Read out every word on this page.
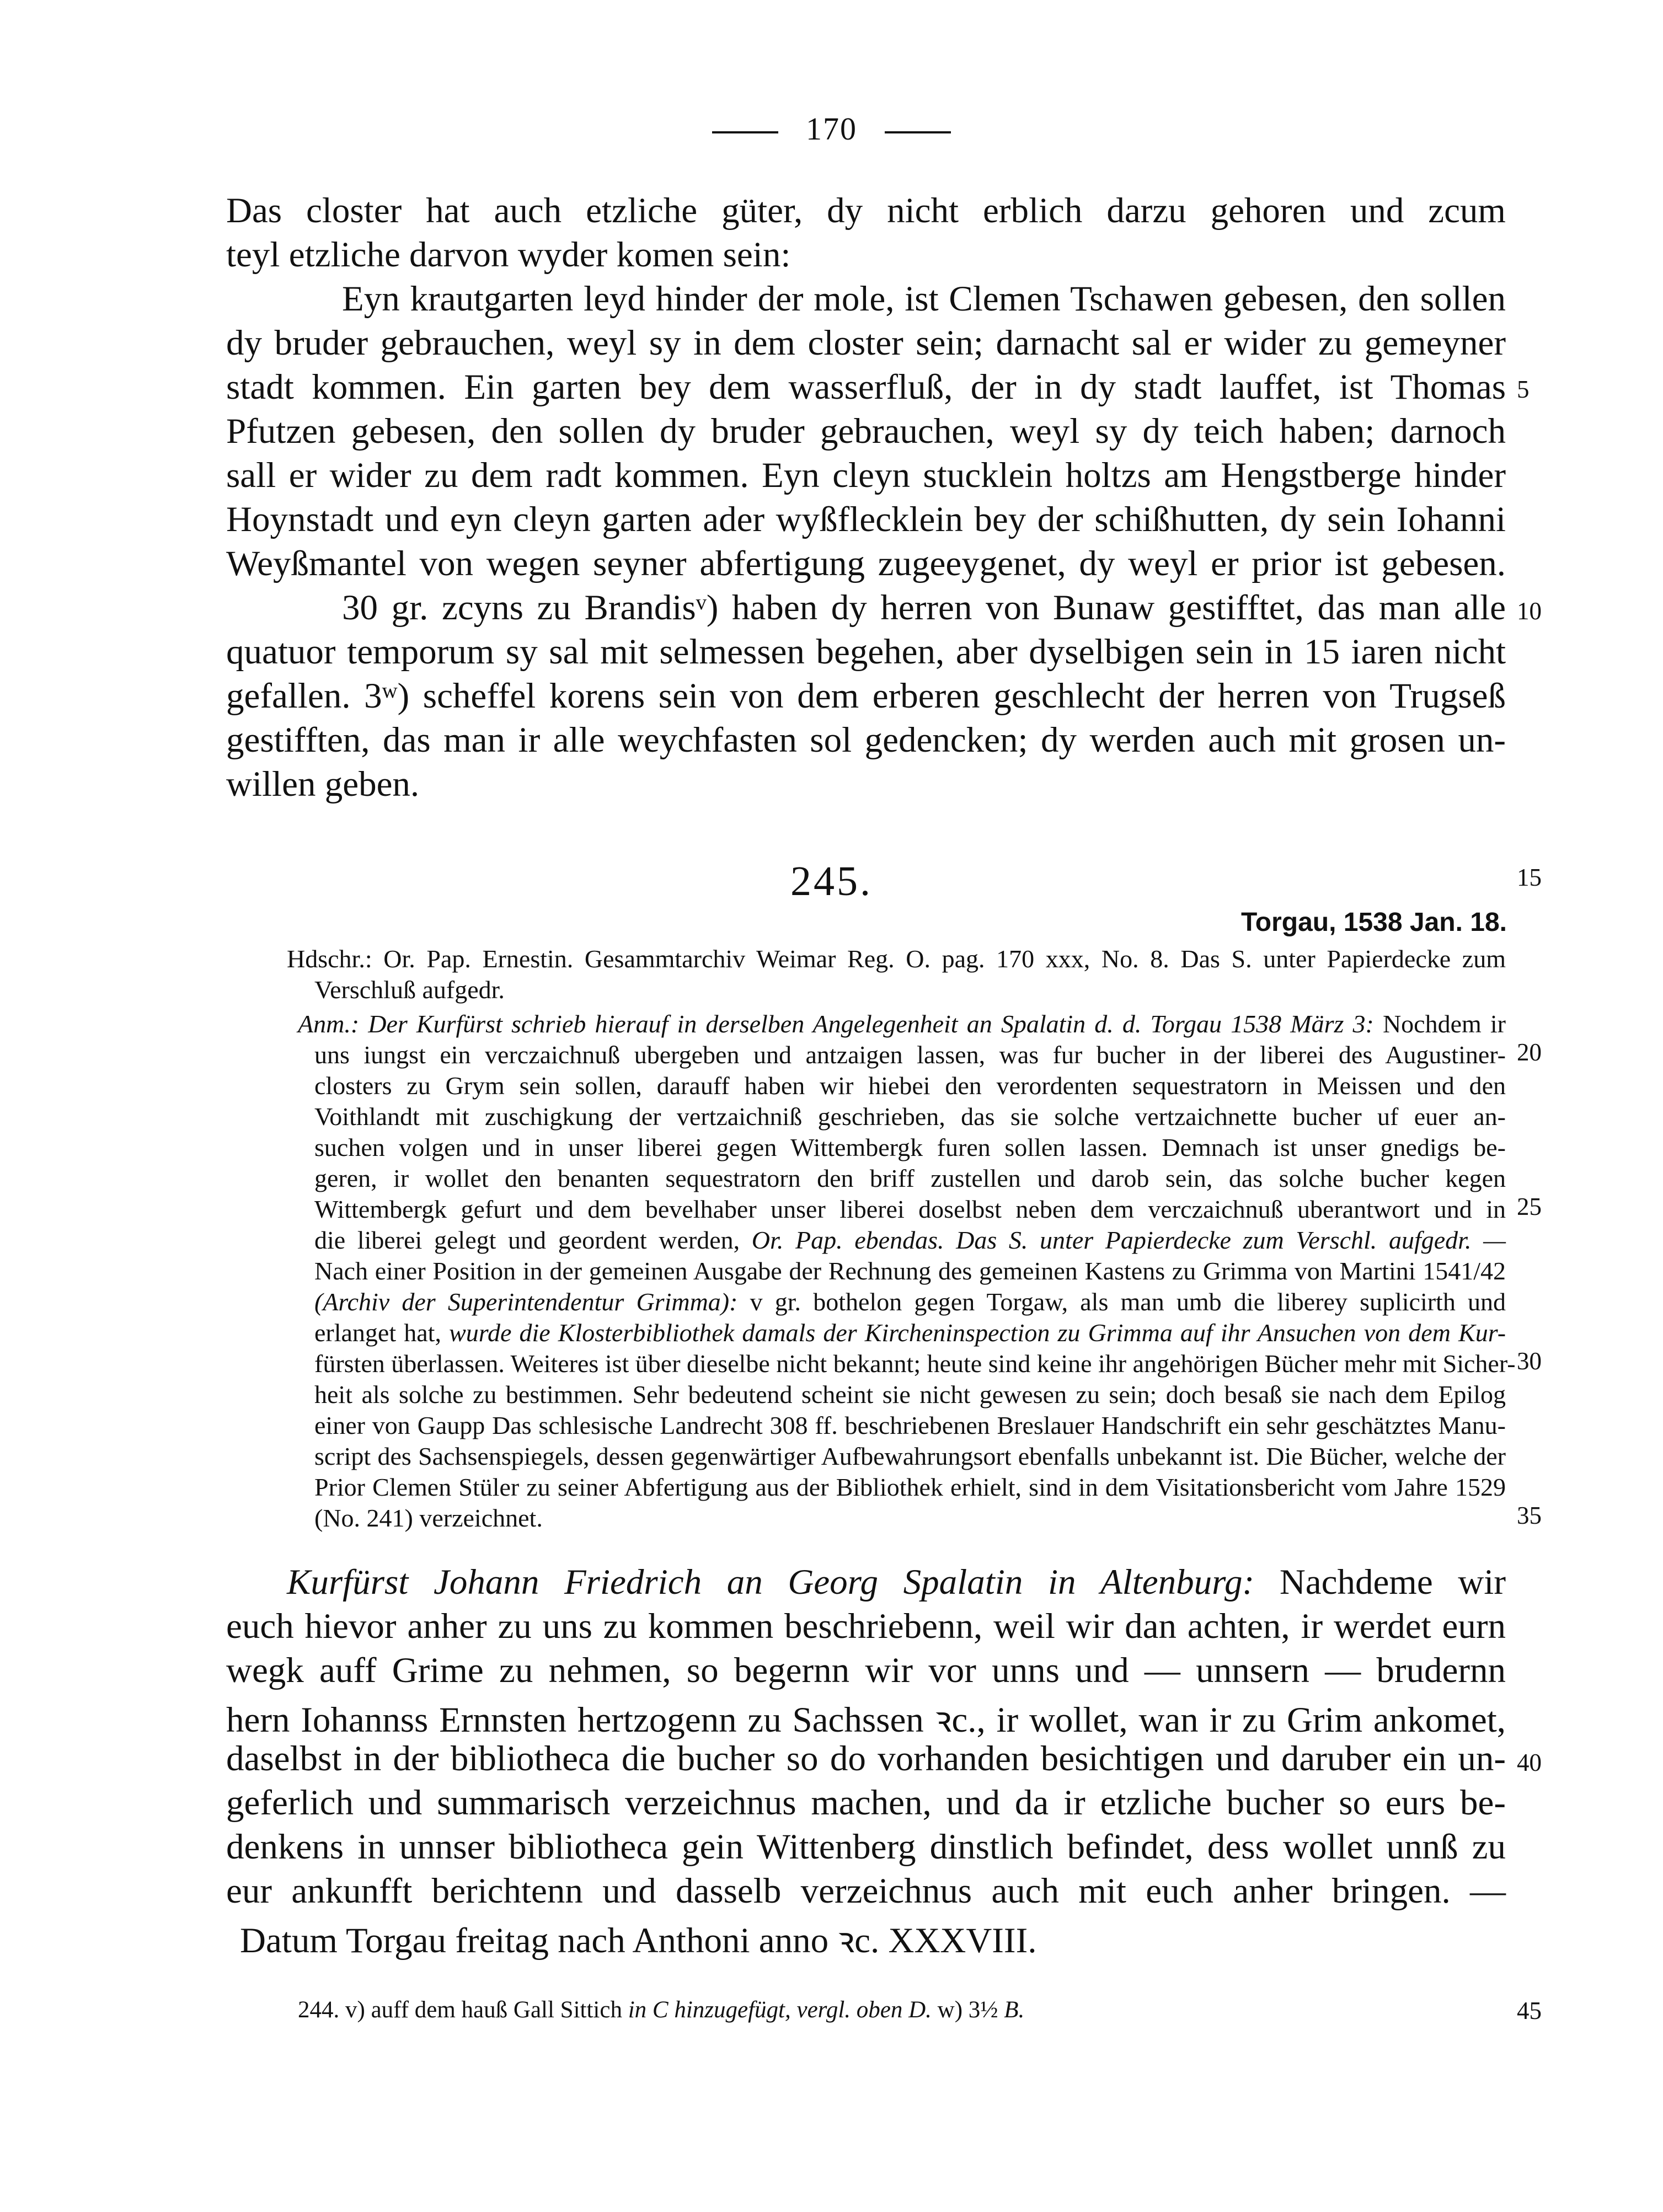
170
Das closter hat auch etzliche güter, dy nicht erblich darzu gehoren und zcum
teyl etzliche darvon wyder komen sein:
Eyn krautgarten leyd hinder der mole, ist Clemen Tschawen gebesen, den sollen
dy bruder gebrauchen, weyl sy in dem closter sein; darnacht sal er wider zu gemeyner
stadt kommen. Ein garten bey dem wasserfluß, der in dy stadt lauffet, ist Thomas
Pfutzen gebesen, den sollen dy bruder gebrauchen, weyl sy dy teich haben; darnoch
sall er wider zu dem radt kommen. Eyn cleyn stucklein holtzs am Hengstberge hinder
Hoynstadt und eyn cleyn garten ader wyßflecklein bey der schißhutten, dy sein Iohanni
Weyßmantel von wegen seyner abfertigung zugeeygenet, dy weyl er prior ist gebesen.
30 gr. zcyns zu Brandisᵛ) haben dy herren von Bunaw gestifftet, das man alle
quatuor temporum sy sal mit selmessen begehen, aber dyselbigen sein in 15 iaren nicht
gefallen. 3ʷ) scheffel korens sein von dem erberen geschlecht der herren von Trugseß
gestifften, das man ir alle weychfasten sol gedencken; dy werden auch mit grosen un-
willen geben.
245.
Torgau, 1538 Jan. 18.
Hdschr.: Or. Pap. Ernestin. Gesammtarchiv Weimar Reg. O. pag. 170 xxx, No. 8. Das S. unter Papierdecke zum
Verschluß aufgedr.
Anm.: Der Kurfürst schrieb hierauf in derselben Angelegenheit an Spalatin d. d. Torgau 1538 März 3: Nochdem ir
uns iungst ein verczaichnuß ubergeben und antzaigen lassen, was fur bucher in der liberei des Augustiner-
closters zu Grym sein sollen, darauff haben wir hiebei den verordenten sequestratorn in Meissen und den
Voithlandt mit zuschigkung der vertzaichniß geschrieben, das sie solche vertzaichnette bucher uf euer an-
suchen volgen und in unser liberei gegen Wittembergk furen sollen lassen. Demnach ist unser gnedigs be-
geren, ir wollet den benanten sequestratorn den briff zustellen und darob sein, das solche bucher kegen
Wittembergk gefurt und dem bevelhaber unser liberei doselbst neben dem verczaichnuß uberantwort und in
die liberei gelegt und geordent werden, Or. Pap. ebendas. Das S. unter Papierdecke zum Verschl. aufgedr. —
Nach einer Position in der gemeinen Ausgabe der Rechnung des gemeinen Kastens zu Grimma von Martini 1541/42
(Archiv der Superintendentur Grimma): v gr. bothelon gegen Torgaw, als man umb die liberey suplicirth und
erlanget hat, wurde die Klosterbibliothek damals der Kircheninspection zu Grimma auf ihr Ansuchen von dem Kur-
fürsten überlassen. Weiteres ist über dieselbe nicht bekannt; heute sind keine ihr angehörigen Bücher mehr mit Sicher-
heit als solche zu bestimmen. Sehr bedeutend scheint sie nicht gewesen zu sein; doch besaß sie nach dem Epilog
einer von Gaupp Das schlesische Landrecht 308 ff. beschriebenen Breslauer Handschrift ein sehr geschätztes Manu-
script des Sachsenspiegels, dessen gegenwärtiger Aufbewahrungsort ebenfalls unbekannt ist. Die Bücher, welche der
Prior Clemen Stüler zu seiner Abfertigung aus der Bibliothek erhielt, sind in dem Visitationsbericht vom Jahre 1529
(No. 241) verzeichnet.
Kurfürst Johann Friedrich an Georg Spalatin in Altenburg: Nachdeme wir
euch hievor anher zu uns zu kommen beschriebenn, weil wir dan achten, ir werdet eurn
wegk auff Grime zu nehmen, so begernn wir vor unns und — unnsern — brudernn
hern Iohannss Ernnsten hertzogenn zu Sachssen ꝛc., ir wollet, wan ir zu Grim ankomet,
daselbst in der bibliotheca die bucher so do vorhanden besichtigen und daruber ein un-
geferlich und summarisch verzeichnus machen, und da ir etzliche bucher so eurs be-
denkens in unnser bibliotheca gein Wittenberg dinstlich befindet, dess wollet unnß zu
eur ankunfft berichtenn und dasselb verzeichnus auch mit euch anher bringen. —
Datum Torgau freitag nach Anthoni anno ꝛc. XXXVIII.
244. v) auff dem hauß Gall Sittich in C hinzugefügt, vergl. oben D. w) 3½ B.
5
10
15
20
25
30
35
40
45
